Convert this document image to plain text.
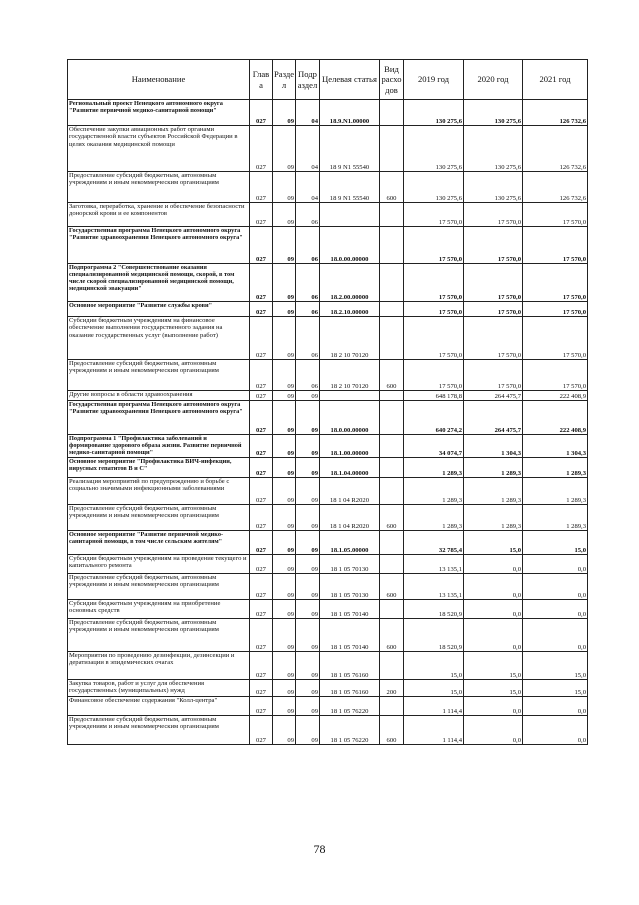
Наименование	Глав а	Разде л	Подр аздел	Целевая статья	Вид расхо дов	2019 год	2020 год	2021 год

Региональный проект Ненецкого автономного округа "Развитие первичной медико-санитарной помощи"	027	09	04	18.9.N1.00000		130 275,6	130 275,6	126 732,6

Обеспечение закупки авиационных работ органами государственной власти субъектов Российской Федерации в целях оказания медицинской помощи	027	09	04	18 9 N1 55540		130 275,6	130 275,6	126 732,6

Предоставление субсидий бюджетным, автономным учреждениям и иным некоммерческим организациям	027	09	04	18 9 N1 55540	600	130 275,6	130 275,6	126 732,6

Заготовка, переработка, хранение и обеспечение безопасности донорской крови и ее компонентов	027	09	06			17 570,0	17 570,0	17 570,0

Государственная программа Ненецкого автономного округа "Развитие здравоохранения Ненецкого автономного округа"	027	09	06	18.0.00.00000		17 570,0	17 570,0	17 570,0

Подпрограмма 2 "Совершенствование оказания специализированной медицинской помощи, скорой, в том числе скорой специализированной медицинской помощи, медицинской эвакуации"	027	09	06	18.2.00.00000		17 570,0	17 570,0	17 570,0

Основное мероприятие "Развитие службы крови"	027	09	06	18.2.10.00000		17 570,0	17 570,0	17 570,0

Субсидии бюджетным учреждениям на финансовое обеспечение выполнения государственного задания на оказание государственных услуг (выполнение работ)	027	09	06	18 2 10 70120		17 570,0	17 570,0	17 570,0

Предоставление субсидий бюджетным, автономным учреждениям и иным некоммерческим организациям	027	09	06	18 2 10 70120	600	17 570,0	17 570,0	17 570,0

Другие вопросы в области здравоохранения	027	09	09			648 178,8	264 475,7	222 408,9

Государственная программа Ненецкого автономного округа "Развитие здравоохранения Ненецкого автономного округа"	027	09	09	18.0.00.00000		640 274,2	264 475,7	222 408,9

Подпрограмма 1 "Профилактика заболеваний и формирование здорового образа жизни. Развитие первичной медико-санитарной помощи"	027	09	09	18.1.00.00000		34 074,7	1 304,3	1 304,3

Основное мероприятие "Профилактика ВИЧ-инфекции, вирусных гепатитов В и С"	027	09	09	18.1.04.00000		1 289,3	1 289,3	1 289,3

Реализация мероприятий по предупреждению и борьбе с социально значимыми инфекционными заболеваниями	027	09	09	18 1 04 R2020		1 289,3	1 289,3	1 289,3

Предоставление субсидий бюджетным, автономным учреждениям и иным некоммерческим организациям	027	09	09	18 1 04 R2020	600	1 289,3	1 289,3	1 289,3

Основное мероприятие "Развитие первичной медико-санитарной помощи, в том числе сельским жителям"	027	09	09	18.1.05.00000		32 785,4	15,0	15,0

Субсидии бюджетным учреждениям на проведение текущего и капитального ремонта	027	09	09	18 1 05 70130		13 135,1	0,0	0,0

Предоставление субсидий бюджетным, автономным учреждениям и иным некоммерческим организациям	027	09	09	18 1 05 70130	600	13 135,1	0,0	0,0

Субсидии бюджетным учреждениям на приобретение основных средств	027	09	09	18 1 05 70140		18 520,9	0,0	0,0

Предоставление субсидий бюджетным, автономным учреждениям и иным некоммерческим организациям	027	09	09	18 1 05 70140	600	18 520,9	0,0	0,0

Мероприятия по проведению дезинфекции, дезинсекции и дератизации в эпидемических очагах	027	09	09	18 1 05 76160		15,0	15,0	15,0

Закупка товаров, работ и услуг для обеспечения государственных (муниципальных) нужд	027	09	09	18 1 05 76160	200	15,0	15,0	15,0

Финансовое обеспечение содержания "Колл-центра"	027	09	09	18 1 05 76220		1 114,4	0,0	0,0

Предоставление субсидий бюджетным, автономным учреждениям и иным некоммерческим организациям	027	09	09	18 1 05 76220	600	1 114,4	0,0	0,0
78
